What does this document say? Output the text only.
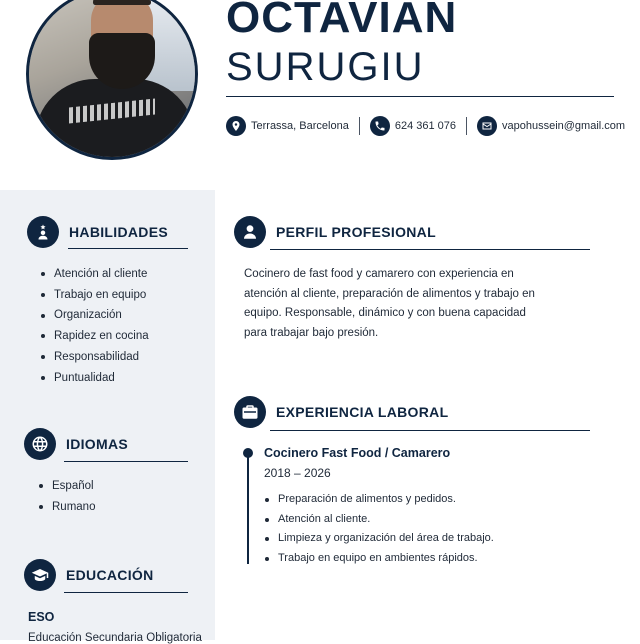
OCTAVIAN
SURUGIU
Terrassa, Barcelona	624 361 076	vapohussein@gmail.com
HABILIDADES
Atención al cliente
Trabajo en equipo
Organización
Rapidez en cocina
Responsabilidad
Puntualidad
IDIOMAS
Español
Rumano
EDUCACIÓN
ESO
Educación Secundaria Obligatoria
PERFIL PROFESIONAL
Cocinero de fast food y camarero con experiencia en atención al cliente, preparación de alimentos y trabajo en equipo. Responsable, dinámico y con buena capacidad para trabajar bajo presión.
EXPERIENCIA LABORAL
Cocinero Fast Food / Camarero
2018 – 2026
Preparación de alimentos y pedidos.
Atención al cliente.
Limpieza y organización del área de trabajo.
Trabajo en equipo en ambientes rápidos.
